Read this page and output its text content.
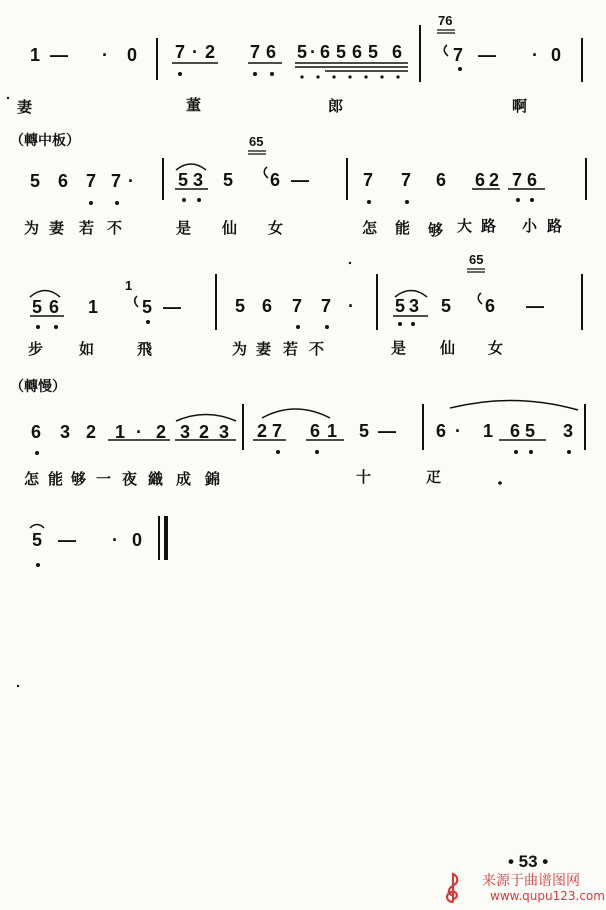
1 — · 0 7 · 2 7 6 5 · 6 5 6 5 6
76
7 — · 0
妻	董	郎	啊
（轉中板）
5 6 7 7 · 5 3 5
65
6 —	7 7 6 6 2 7 6
为 妻 若 不	是 仙 女	怎 能 够 大 路 小 路
5 6 1
1
5 —	5 6 7 7 · 5 3 5
65
6 —
步 如	飛	为 妻 若 不	是 仙 女
（轉慢）
6 3 2 1 · 2 3 2 3 2 7 6 1 5 — 6 · 1 6 5 3
怎 能 够 一 夜 織 成 錦	十	疋
5 — · 0
• 53 •
来源于曲谱图网
www.qupu123.com
